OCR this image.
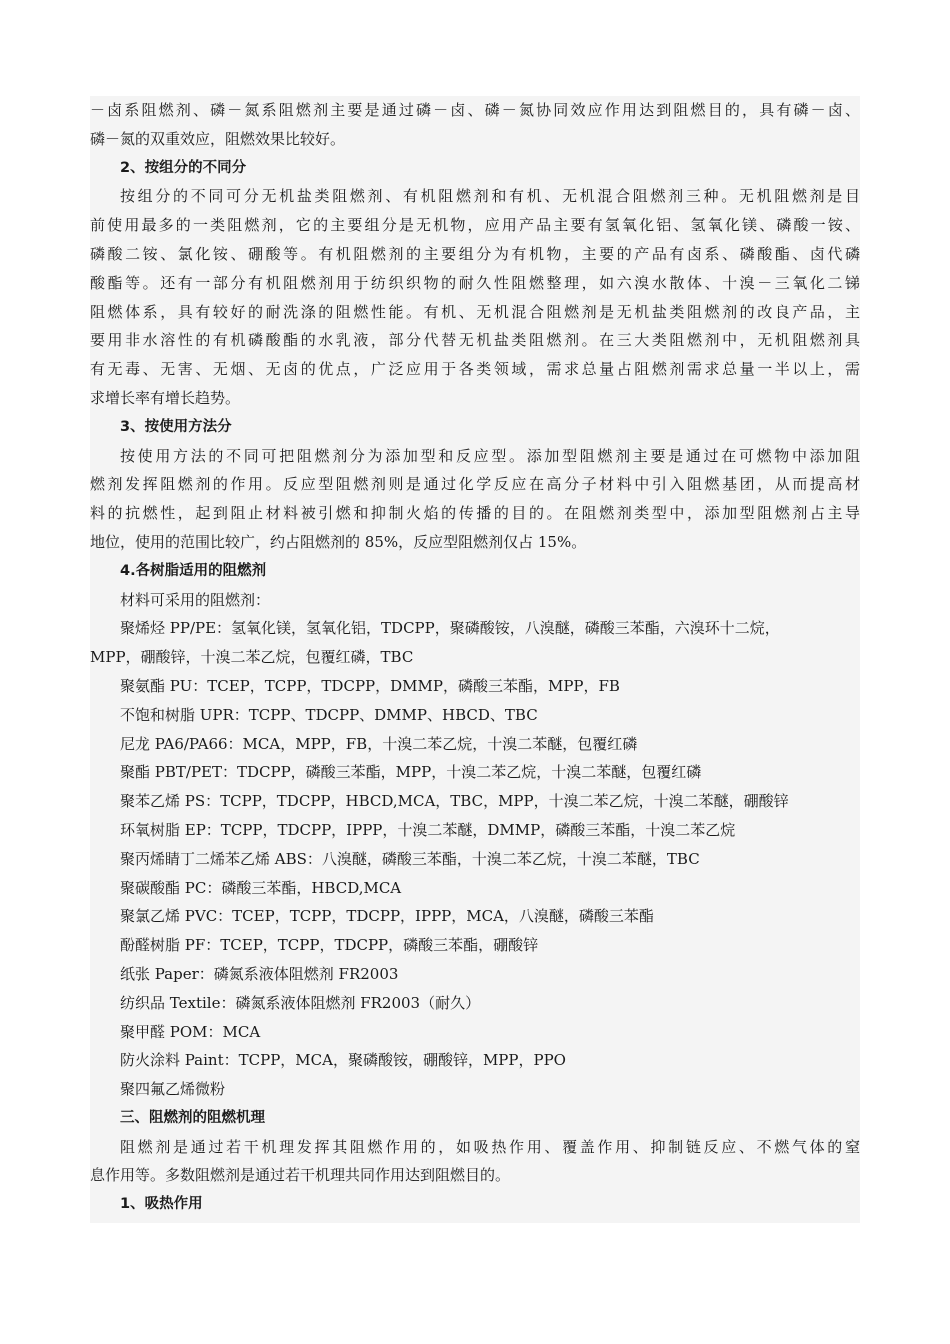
－卤系阻燃剂、磷－氮系阻燃剂主要是通过磷－卤、磷－氮协同效应作用达到阻燃目的，具有磷－卤、
磷－氮的双重效应，阻燃效果比较好。
2、按组分的不同分
按组分的不同可分无机盐类阻燃剂、有机阻燃剂和有机、无机混合阻燃剂三种。无机阻燃剂是目
前使用最多的一类阻燃剂，它的主要组分是无机物，应用产品主要有氢氧化铝、氢氧化镁、磷酸一铵、
磷酸二铵、氯化铵、硼酸等。有机阻燃剂的主要组分为有机物，主要的产品有卤系、磷酸酯、卤代磷
酸酯等。还有一部分有机阻燃剂用于纺织织物的耐久性阻燃整理，如六溴水散体、十溴－三氧化二锑
阻燃体系，具有较好的耐洗涤的阻燃性能。有机、无机混合阻燃剂是无机盐类阻燃剂的改良产品，主
要用非水溶性的有机磷酸酯的水乳液，部分代替无机盐类阻燃剂。在三大类阻燃剂中，无机阻燃剂具
有无毒、无害、无烟、无卤的优点，广泛应用于各类领域，需求总量占阻燃剂需求总量一半以上，需
求增长率有增长趋势。
3、按使用方法分
按使用方法的不同可把阻燃剂分为添加型和反应型。添加型阻燃剂主要是通过在可燃物中添加阻
燃剂发挥阻燃剂的作用。反应型阻燃剂则是通过化学反应在高分子材料中引入阻燃基团，从而提高材
料的抗燃性，起到阻止材料被引燃和抑制火焰的传播的目的。在阻燃剂类型中，添加型阻燃剂占主导
地位，使用的范围比较广，约占阻燃剂的 85%，反应型阻燃剂仅占 15%。
4.各树脂适用的阻燃剂
材料可采用的阻燃剂：
聚烯烃 PP/PE：氢氧化镁，氢氧化铝，TDCPP，聚磷酸铵，八溴醚，磷酸三苯酯，六溴环十二烷，
MPP，硼酸锌，十溴二苯乙烷，包覆红磷，TBC
聚氨酯 PU：TCEP，TCPP，TDCPP，DMMP，磷酸三苯酯，MPP，FB
不饱和树脂 UPR：TCPP、TDCPP、DMMP、HBCD、TBC
尼龙 PA6/PA66：MCA，MPP，FB，十溴二苯乙烷，十溴二苯醚，包覆红磷
聚酯 PBT/PET：TDCPP，磷酸三苯酯，MPP，十溴二苯乙烷，十溴二苯醚，包覆红磷
聚苯乙烯 PS：TCPP，TDCPP，HBCD,MCA，TBC，MPP，十溴二苯乙烷，十溴二苯醚，硼酸锌
环氧树脂 EP：TCPP，TDCPP，IPPP，十溴二苯醚，DMMP，磷酸三苯酯，十溴二苯乙烷
聚丙烯睛丁二烯苯乙烯 ABS：八溴醚，磷酸三苯酯，十溴二苯乙烷，十溴二苯醚，TBC
聚碳酸酯 PC：磷酸三苯酯，HBCD,MCA
聚氯乙烯 PVC：TCEP，TCPP，TDCPP，IPPP，MCA，八溴醚，磷酸三苯酯
酚醛树脂 PF：TCEP，TCPP，TDCPP，磷酸三苯酯，硼酸锌
纸张 Paper：磷氮系液体阻燃剂 FR2003
纺织品 Textile：磷氮系液体阻燃剂 FR2003（耐久）
聚甲醛 POM：MCA
防火涂料 Paint：TCPP，MCA，聚磷酸铵，硼酸锌，MPP，PPO
聚四氟乙烯微粉
三、阻燃剂的阻燃机理
阻燃剂是通过若干机理发挥其阻燃作用的，如吸热作用、覆盖作用、抑制链反应、不燃气体的窒
息作用等。多数阻燃剂是通过若干机理共同作用达到阻燃目的。
1、吸热作用
